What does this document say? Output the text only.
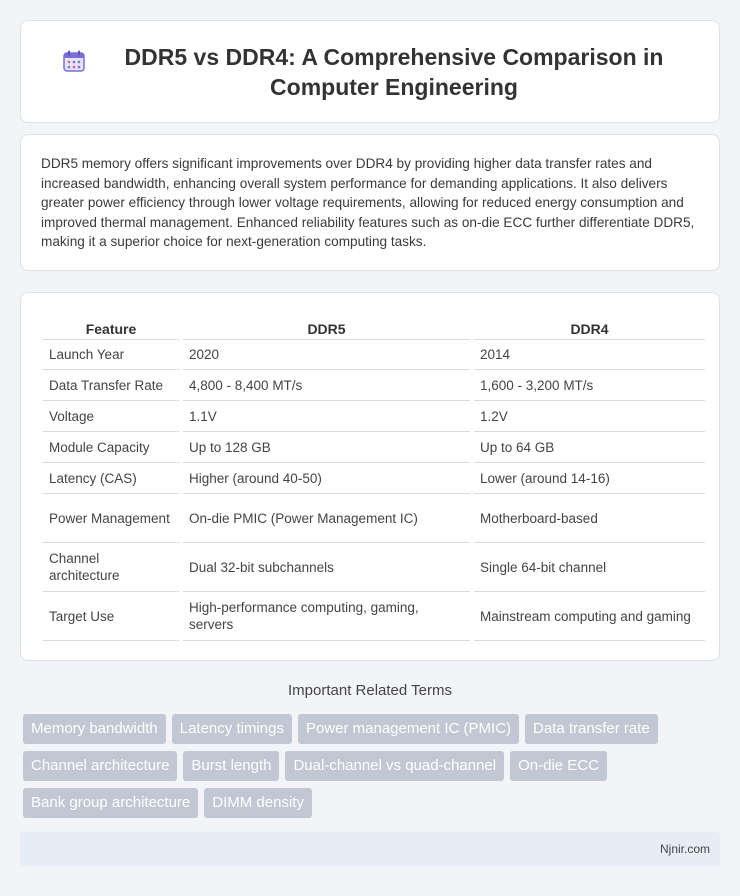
DDR5 vs DDR4: A Comprehensive Comparison in Computer Engineering

DDR5 memory offers significant improvements over DDR4 by providing higher data transfer rates and increased bandwidth, enhancing overall system performance for demanding applications. It also delivers greater power efficiency through lower voltage requirements, allowing for reduced energy consumption and improved thermal management. Enhanced reliability features such as on-die ECC further differentiate DDR5, making it a superior choice for next-generation computing tasks.

Feature	DDR5	DDR4
Launch Year	2020	2014
Data Transfer Rate	4,800 - 8,400 MT/s	1,600 - 3,200 MT/s
Voltage	1.1V	1.2V
Module Capacity	Up to 128 GB	Up to 64 GB
Latency (CAS)	Higher (around 40-50)	Lower (around 14-16)
Power Management	On-die PMIC (Power Management IC)	Motherboard-based
Channel architecture	Dual 32-bit subchannels	Single 64-bit channel
Target Use	High-performance computing, gaming, servers	Mainstream computing and gaming
Important Related Terms
Memory bandwidth	Latency timings	Power management IC (PMIC)	Data transfer rate
Channel architecture	Burst length	Dual-channel vs quad-channel	On-die ECC
Bank group architecture	DIMM density
Njnir.com
